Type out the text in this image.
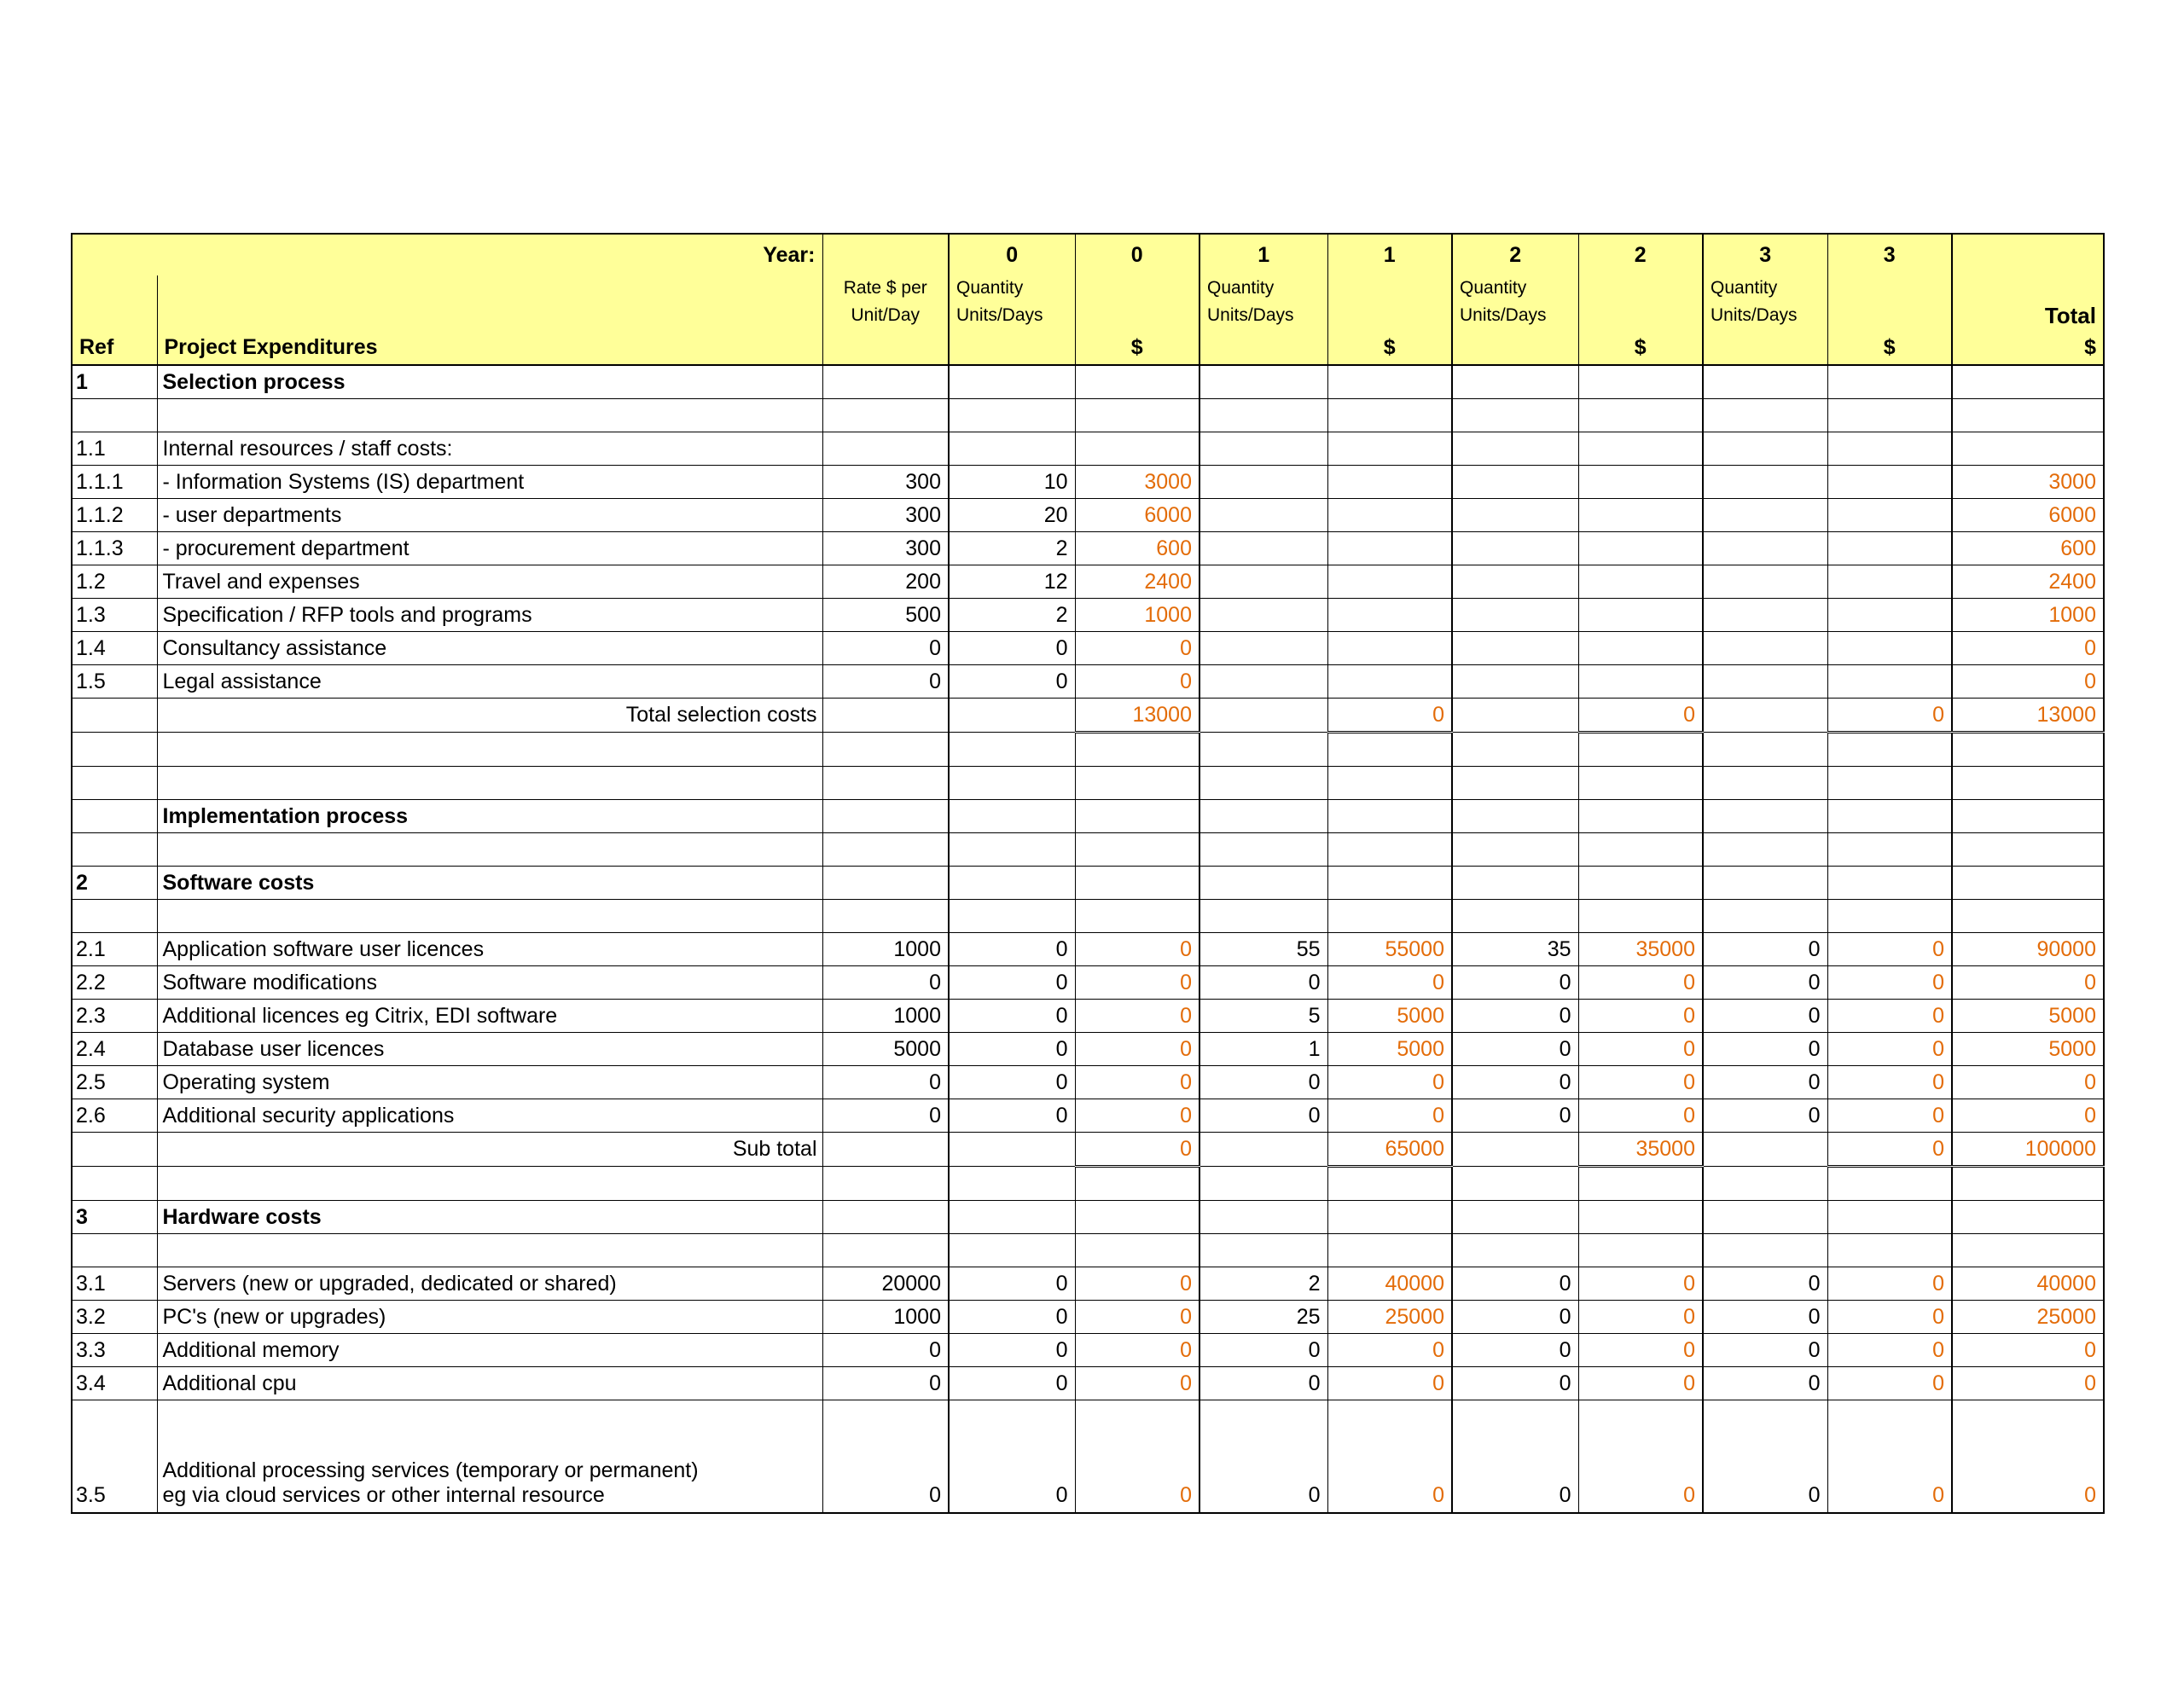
Year:			0	0	1	1	2	2	3	3	
		Rate $ per	Quantity		Quantity		Quantity		Quantity		
		Unit/Day	Units/Days		Units/Days		Units/Days		Units/Days		Total
Ref	Project Expenditures			$		$		$		$	$
1	Selection process										

1.1	Internal resources / staff costs:										
1.1.1	- Information Systems (IS) department	300	10	3000							3000
1.1.2	- user departments	300	20	6000							6000
1.1.3	- procurement department	300	2	600							600
1.2	Travel and expenses	200	12	2400							2400
1.3	Specification / RFP tools and programs	500	2	1000							1000
1.4	Consultancy assistance	0	0	0							0
1.5	Legal assistance	0	0	0							0
	Total selection costs			13000		0		0		0	13000

	Implementation process										

2	Software costs										

2.1	Application software user licences	1000	0	0	55	55000	35	35000	0	0	90000
2.2	Software modifications	0	0	0	0	0	0	0	0	0	0
2.3	Additional licences eg Citrix, EDI software	1000	0	0	5	5000	0	0	0	0	5000
2.4	Database user licences	5000	0	0	1	5000	0	0	0	0	5000
2.5	Operating system	0	0	0	0	0	0	0	0	0	0
2.6	Additional security applications	0	0	0	0	0	0	0	0	0	0
	Sub total			0		65000		35000		0	100000

3	Hardware costs										

3.1	Servers (new or upgraded, dedicated or shared)	20000	0	0	2	40000	0	0	0	0	40000
3.2	PC's (new or upgrades)	1000	0	0	25	25000	0	0	0	0	25000
3.3	Additional memory	0	0	0	0	0	0	0	0	0	0
3.4	Additional cpu	0	0	0	0	0	0	0	0	0	0
3.5	Additional processing services (temporary or permanent)
eg via cloud services or other internal resource	0	0	0	0	0	0	0	0	0	0
